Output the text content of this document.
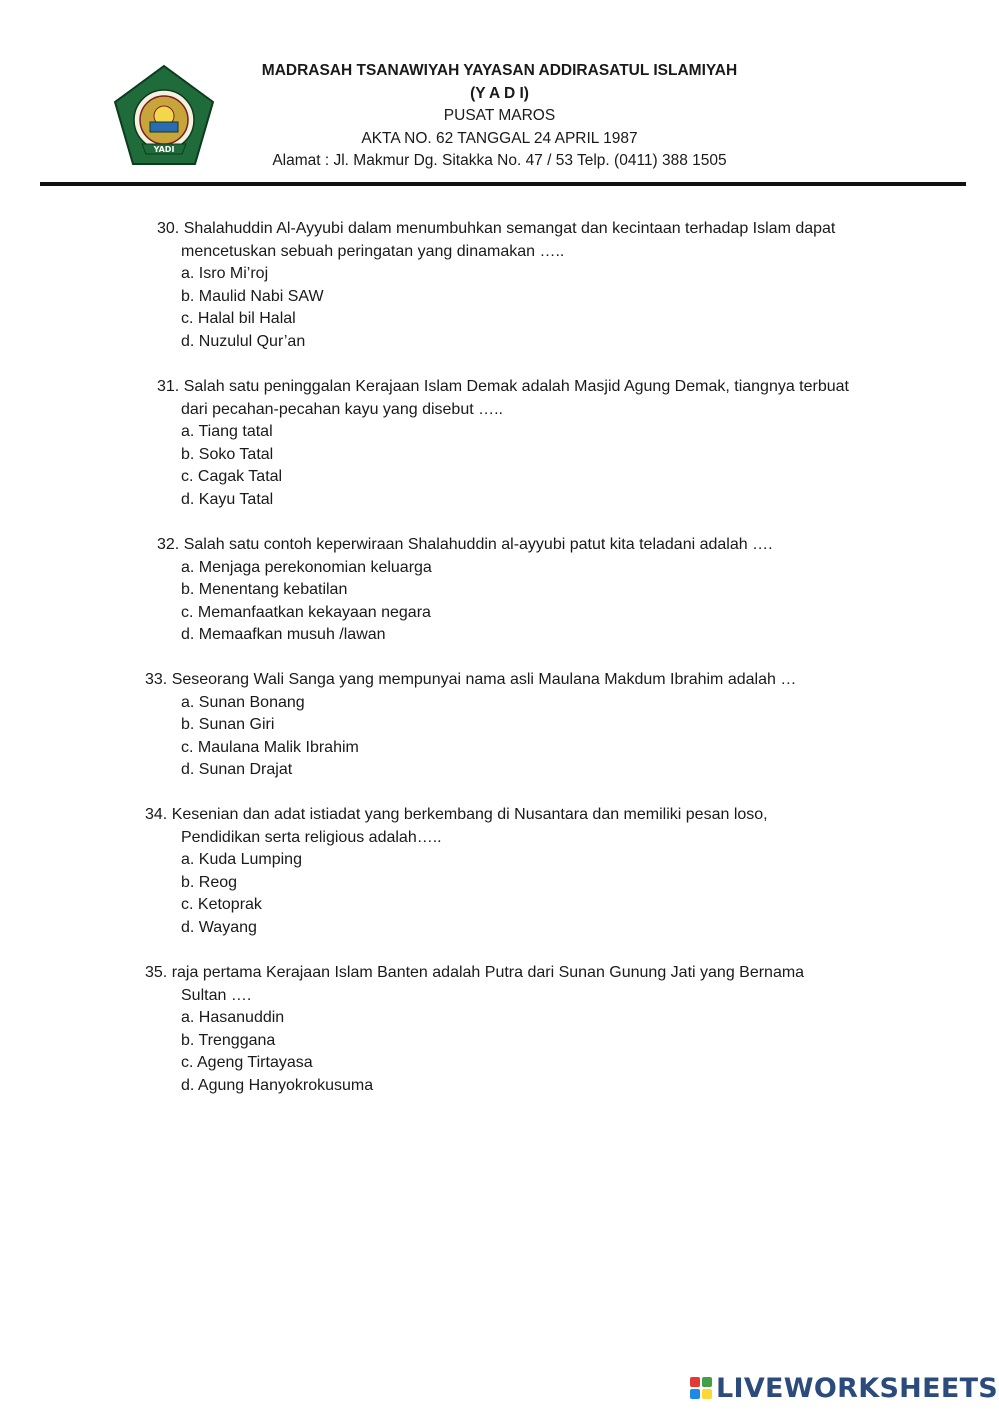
YADI
MADRASAH TSANAWIYAH YAYASAN ADDIRASATUL ISLAMIYAH
(Y A D I)
PUSAT MAROS
AKTA NO. 62 TANGGAL 24 APRIL 1987
Alamat : Jl. Makmur Dg. Sitakka No. 47 / 53 Telp. (0411) 388 1505
30. Shalahuddin Al-Ayyubi dalam menumbuhkan semangat dan kecintaan terhadap Islam dapat
mencetuskan sebuah peringatan yang dinamakan …..
a. Isro Mi’roj
b. Maulid Nabi SAW
c. Halal bil Halal
d. Nuzulul Qur’an
31. Salah satu peninggalan Kerajaan Islam Demak adalah Masjid Agung Demak, tiangnya terbuat
dari pecahan-pecahan kayu yang disebut …..
a. Tiang tatal
b. Soko Tatal
c. Cagak Tatal
d. Kayu Tatal
32. Salah satu contoh keperwiraan Shalahuddin al-ayyubi patut kita teladani adalah ….
a. Menjaga perekonomian keluarga
b. Menentang kebatilan
c. Memanfaatkan kekayaan negara
d. Memaafkan musuh /lawan
33. Seseorang Wali Sanga yang mempunyai nama asli Maulana Makdum Ibrahim adalah …
a. Sunan Bonang
b. Sunan Giri
c. Maulana Malik Ibrahim
d. Sunan Drajat
34. Kesenian dan adat istiadat yang berkembang di Nusantara dan memiliki pesan loso,
Pendidikan serta religious adalah…..
a. Kuda Lumping
b. Reog
c. Ketoprak
d. Wayang
35. raja pertama Kerajaan Islam Banten adalah Putra dari Sunan Gunung Jati yang Bernama
Sultan ….
a. Hasanuddin
b. Trenggana
c. Ageng Tirtayasa
d. Agung Hanyokrokusuma
LIVEWORKSHEETS
